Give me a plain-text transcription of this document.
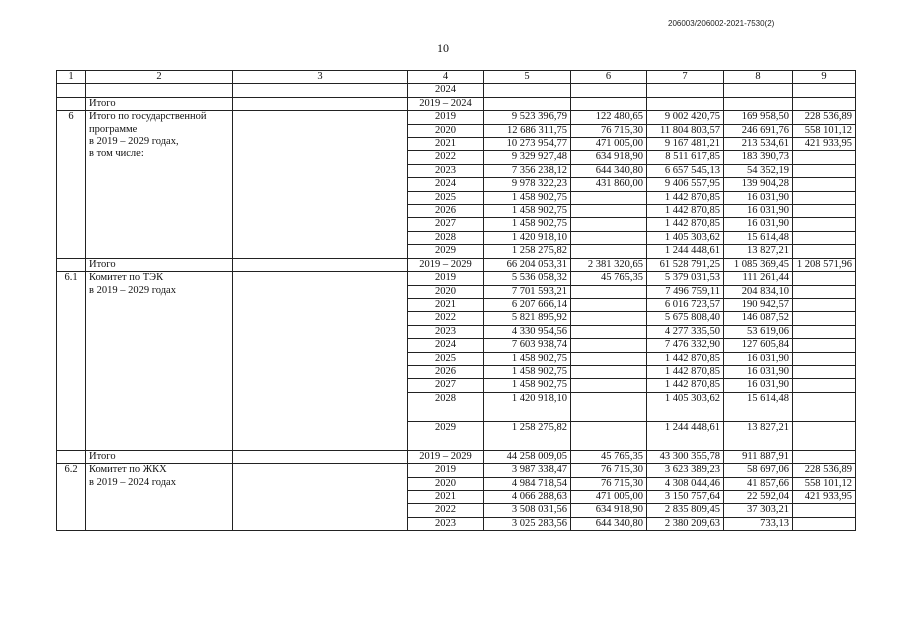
206003/206002-2021-7530(2)
10
1	2	3	4	5	6	7	8	9
			2024					
	Итого		2019 – 2024					
6	Итого по государственной
программе
в 2019 – 2029 годах,
в том числе:		2019	9 523 396,79	122 480,65	9 002 420,75	169 958,50	228 536,89
			2020	12 686 311,75	76 715,30	11 804 803,57	246 691,76	558 101,12
			2021	10 273 954,77	471 005,00	9 167 481,21	213 534,61	421 933,95
			2022	9 329 927,48	634 918,90	8 511 617,85	183 390,73	
			2023	7 356 238,12	644 340,80	6 657 545,13	54 352,19	
			2024	9 978 322,23	431 860,00	9 406 557,95	139 904,28	
			2025	1 458 902,75		1 442 870,85	16 031,90	
			2026	1 458 902,75		1 442 870,85	16 031,90	
			2027	1 458 902,75		1 442 870,85	16 031,90	
			2028	1 420 918,10		1 405 303,62	15 614,48	
			2029	1 258 275,82		1 244 448,61	13 827,21	
	Итого		2019 – 2029	66 204 053,31	2 381 320,65	61 528 791,25	1 085 369,45	1 208 571,96
6.1	Комитет по ТЭК
в 2019 – 2029 годах		2019	5 536 058,32	45 765,35	5 379 031,53	111 261,44	
			2020	7 701 593,21		7 496 759,11	204 834,10	
			2021	6 207 666,14		6 016 723,57	190 942,57	
			2022	5 821 895,92		5 675 808,40	146 087,52	
			2023	4 330 954,56		4 277 335,50	53 619,06	
			2024	7 603 938,74		7 476 332,90	127 605,84	
			2025	1 458 902,75		1 442 870,85	16 031,90	
			2026	1 458 902,75		1 442 870,85	16 031,90	
			2027	1 458 902,75		1 442 870,85	16 031,90	
			2028	1 420 918,10		1 405 303,62	15 614,48	
			2029	1 258 275,82		1 244 448,61	13 827,21	
	Итого		2019 – 2029	44 258 009,05	45 765,35	43 300 355,78	911 887,91	
6.2	Комитет по ЖКХ
в 2019 – 2024 годах		2019	3 987 338,47	76 715,30	3 623 389,23	58 697,06	228 536,89
			2020	4 984 718,54	76 715,30	4 308 044,46	41 857,66	558 101,12
			2021	4 066 288,63	471 005,00	3 150 757,64	22 592,04	421 933,95
			2022	3 508 031,56	634 918,90	2 835 809,45	37 303,21	
			2023	3 025 283,56	644 340,80	2 380 209,63	733,13	
